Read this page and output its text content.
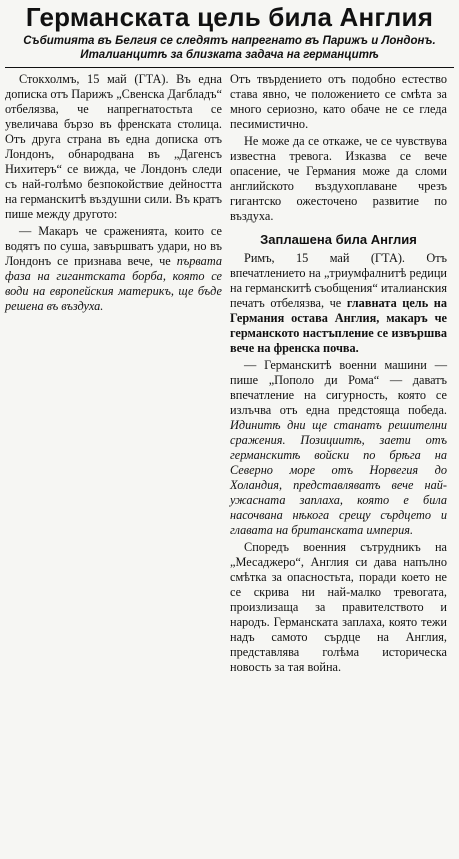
Германската цель била Англия
Събитията въ Белгия се следятъ напрегнато въ Парижъ и Лондонъ. Италианцитѣ за близката задача на германцитѣ

Стокхолмъ, 15 май (ГТА). Въ една дописка отъ Парижъ „Свенска Дагбладъ“ отбелязва, че напрегнатостьта се увеличава бързо въ френската столица. Отъ друга страна въ една дописка отъ Лондонъ, обнародвана въ „Дагенсъ Нихитеръ“ се вижда, че Лондонъ следи съ най-голѣмо безпокойствие дейността на германскитѣ въздушни сили. Въ кратъ пише между другото:

— Макаръ че сраженията, които се водятъ по суша, завършватъ удари, но въ Лондонъ се признава вече, че първата фаза на гигантската борба, която се води на европейския материкъ, ще бъде решена въ въздуха.

Отъ твърдението отъ подобно естество става явно, че положението се смѣта за много сериозно, като обаче не се гледа песимистично.

Не може да се откаже, че се чувствува известна тревога. Изказва се вече опасение, че Германия може да сломи английското въздухоплаване чрезъ гигантско ожесточено развитие по въздуха.

Заплашена била Англия

Римъ, 15 май (ГТА). Отъ впечатлението на „триумфалнитѣ редици на германскитѣ съобщения“ италианския печатъ отбелязва, че главната цель на Германия остава Англия, макаръ че германското настъпление се извършва вече на френска почва.

— Германскитѣ военни машини — пише „Пополо ди Рома“ — даватъ впечатление на сигурность, която се излъчва отъ една предстояща победа. Идинитѣ дни ще станатъ решителни сражения. Позициитѣ, заети отъ германскитѣ войски по брѣга на Северно море отъ Норвегия до Холандия, представляватъ вече най-ужасната заплаха, която е била насочвана нѣкога срещу сърдцето и главата на британската империя.

Споредъ военния сътрудникъ на „Месаджеро“, Англия си дава напълно смѣтка за опасностьта, поради което не се скрива ни най-малко тревогата, произлизаща за правителството и народъ. Германската заплаха, която тежи надъ самото сърдце на Англия, представлява голѣма историческа новость за тая война.
